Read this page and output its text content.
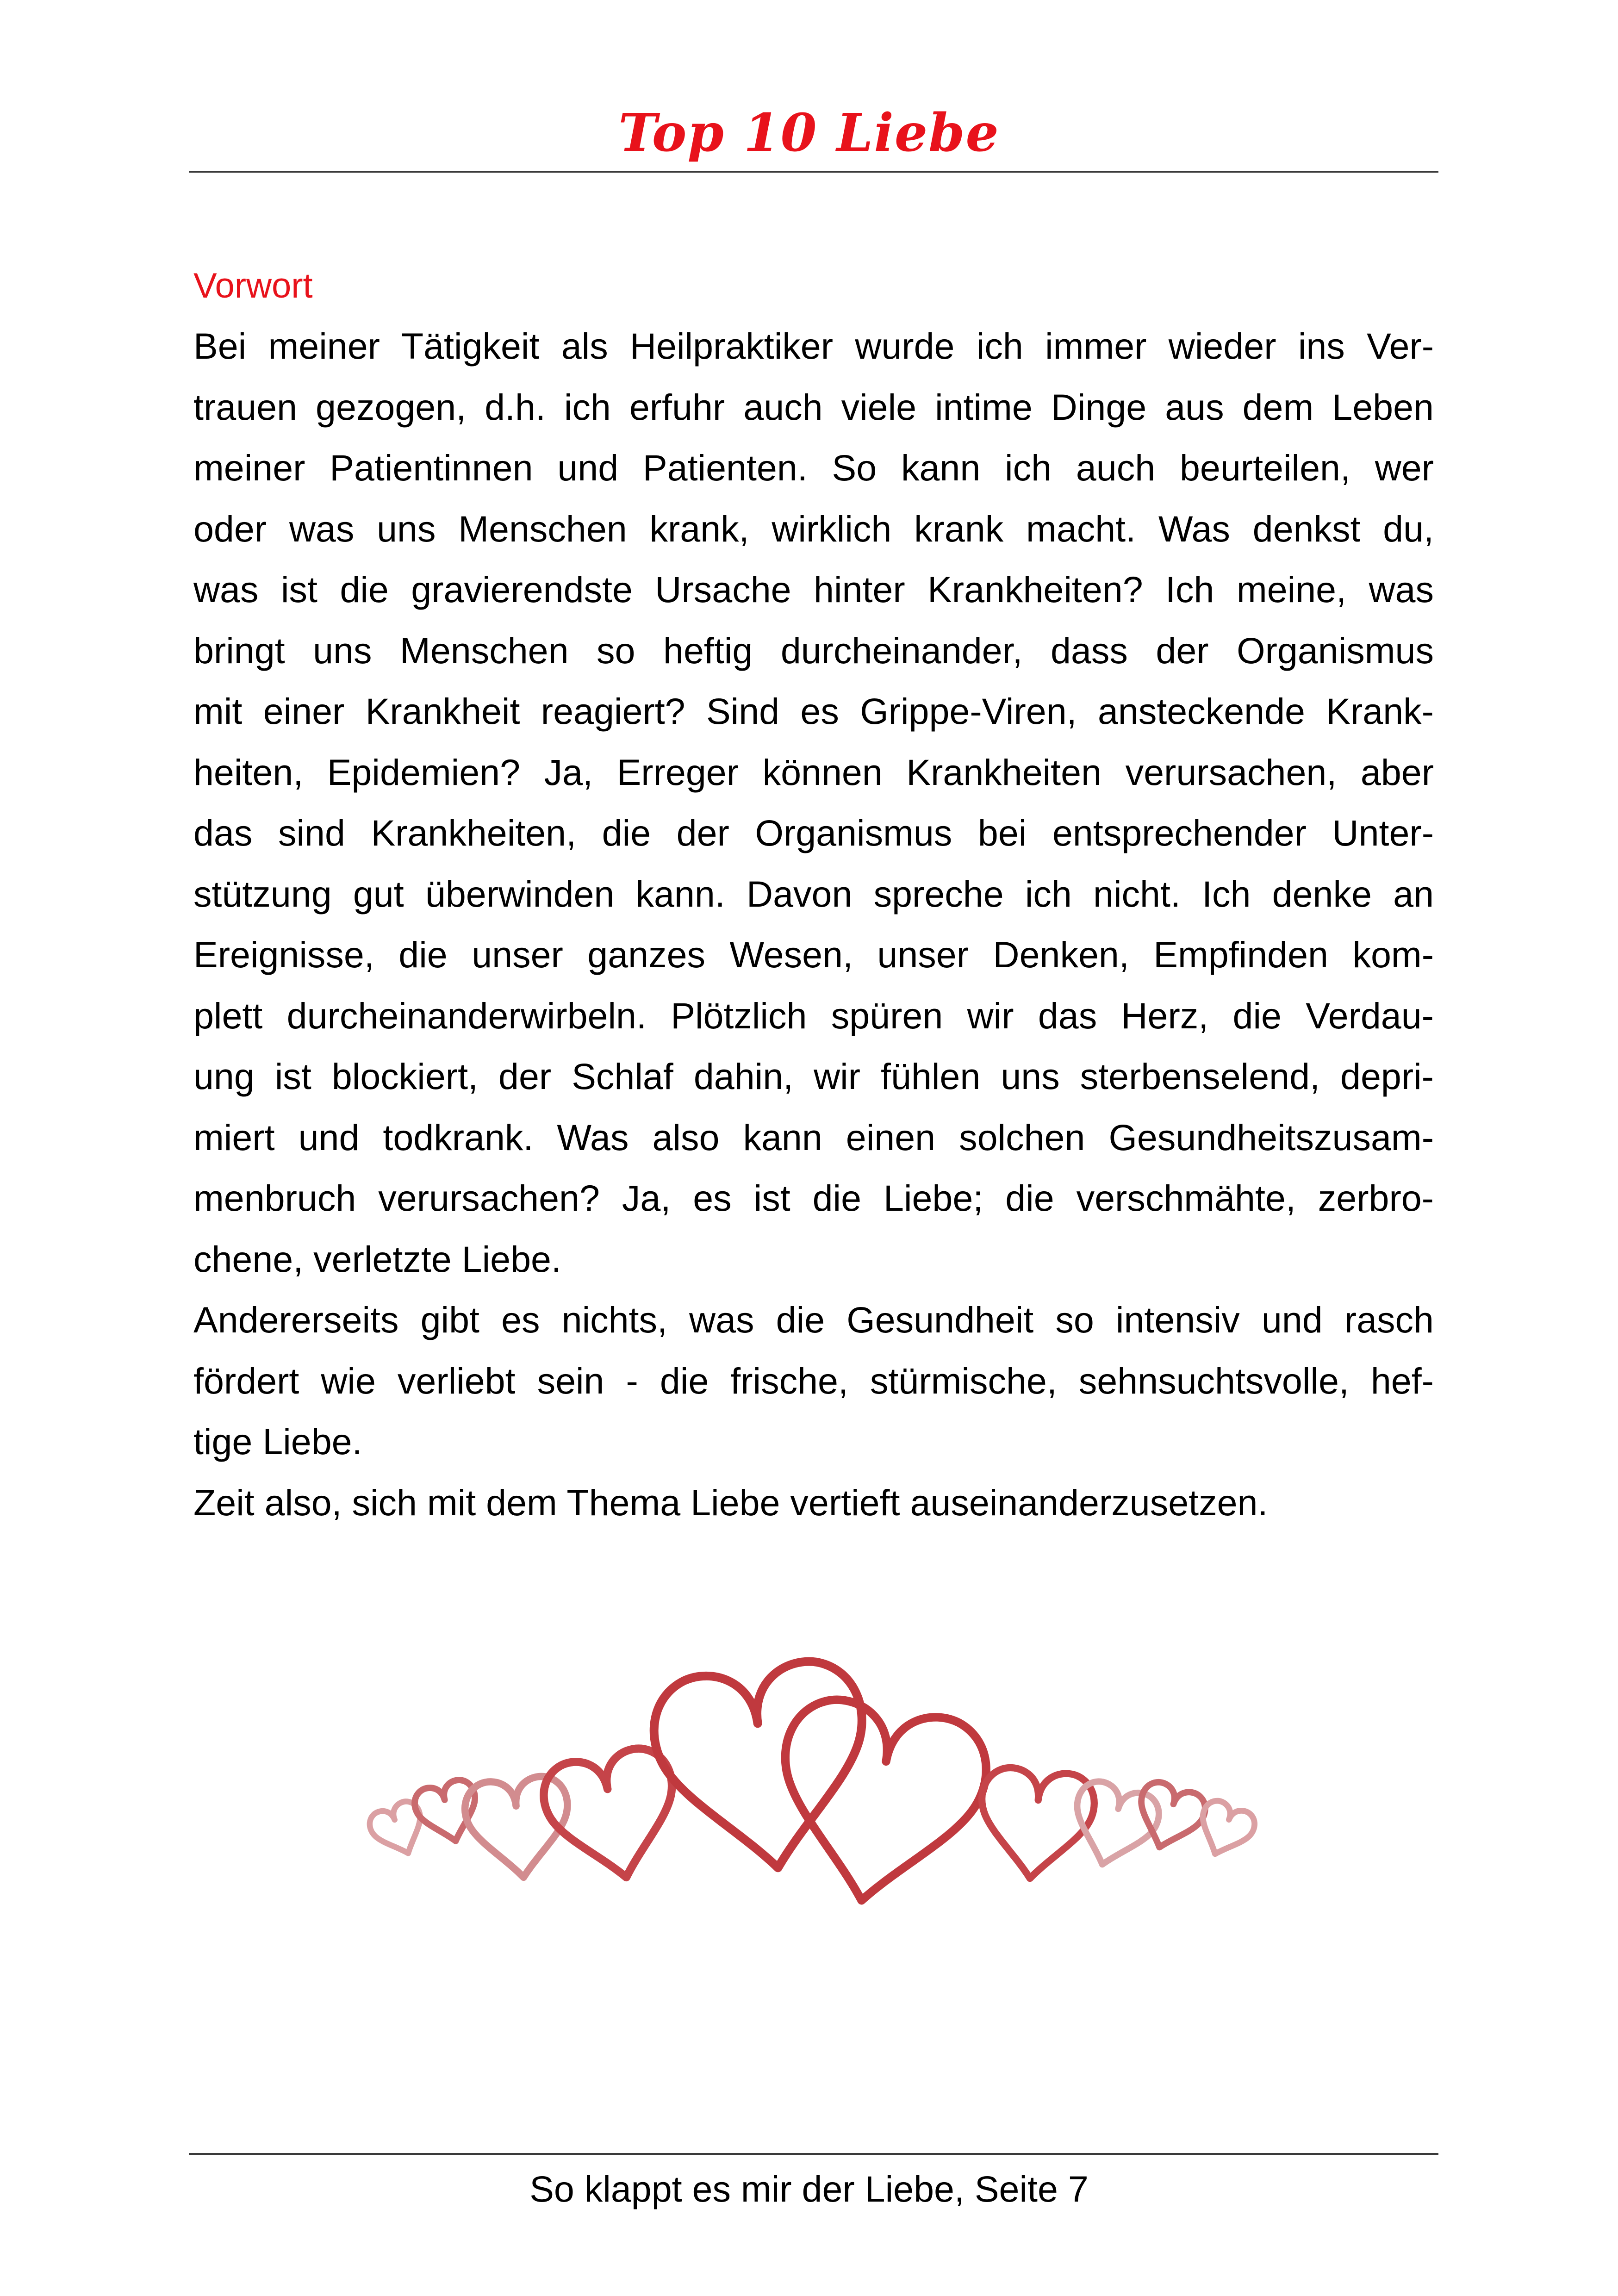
Top 10 Liebe
Vorwort
Bei meiner Tätigkeit als Heilpraktiker wurde ich immer wieder ins Ver-
trauen gezogen, d.h. ich erfuhr auch viele intime Dinge aus dem Leben
meiner Patientinnen und Patienten. So kann ich auch beurteilen, wer
oder was uns Menschen krank, wirklich krank macht. Was denkst du,
was ist die gravierendste Ursache hinter Krankheiten? Ich meine, was
bringt uns Menschen so heftig durcheinander, dass der Organismus
mit einer Krankheit reagiert? Sind es Grippe-Viren, ansteckende Krank-
heiten, Epidemien? Ja, Erreger können Krankheiten verursachen, aber
das sind Krankheiten, die der Organismus bei entsprechender Unter-
stützung gut überwinden kann. Davon spreche ich nicht. Ich denke an
Ereignisse, die unser ganzes Wesen, unser Denken, Empfinden kom-
plett durcheinanderwirbeln. Plötzlich spüren wir das Herz, die Verdau-
ung ist blockiert, der Schlaf dahin, wir fühlen uns sterbenselend, depri-
miert und todkrank. Was also kann einen solchen Gesundheitszusam-
menbruch verursachen? Ja, es ist die Liebe; die verschmähte, zerbro-
chene, verletzte Liebe.
Andererseits gibt es nichts, was die Gesundheit so intensiv und rasch
fördert wie verliebt sein - die frische, stürmische, sehnsuchtsvolle, hef-
tige Liebe.
Zeit also, sich mit dem Thema Liebe vertieft auseinanderzusetzen.
So klappt es mir der Liebe, Seite 7
